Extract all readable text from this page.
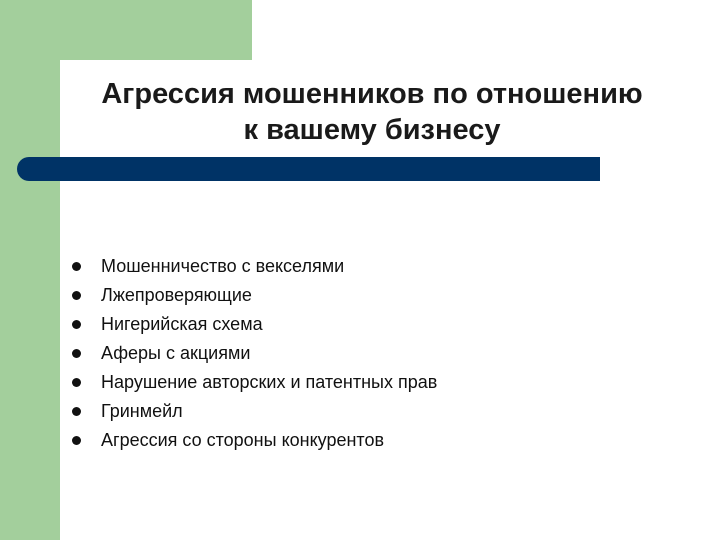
Агрессия мошенников по отношению
к вашему бизнесу
Мошенничество с векселями
Лжепроверяющие
Нигерийская схема
Аферы с акциями
Нарушение авторских и патентных прав
Гринмейл
Агрессия со стороны конкурентов
